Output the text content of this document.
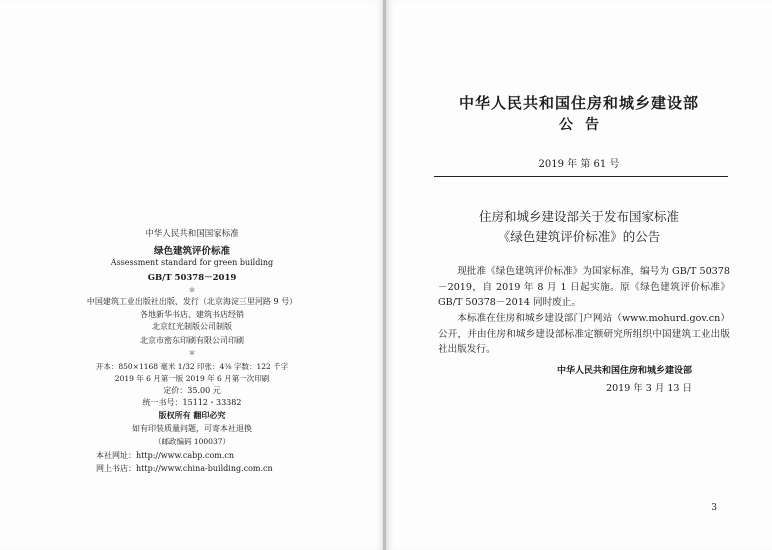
中华人民共和国国家标准
绿色建筑评价标准
Assessment standard for green building
GB/T 50378－2019
＊
中国建筑工业出版社出版、发行（北京海淀三里河路 9 号）
各地新华书店、建筑书店经销
北京红光制版公司制版
北京市密东印刷有限公司印刷
＊
开本：850×1168 毫米 1/32 印张：4⅜ 字数：122 千字
2019 年 6 月第一版 2019 年 6 月第一次印刷
定价：35.00 元
统一书号：15112・33382
版权所有 翻印必究
如有印装质量问题，可寄本社退换
（邮政编码 100037）
本社网址：http://www.cabp.com.cn
网上书店：http://www.china-building.com.cn
中华人民共和国住房和城乡建设部
公告
2019 年 第 61 号
住房和城乡建设部关于发布国家标准
《绿色建筑评价标准》的公告
现批准《绿色建筑评价标准》为国家标准，编号为 GB/T 50378－2019，自 2019 年 8 月 1 日起实施。原《绿色建筑评价标准》GB/T 50378－2014 同时废止。
本标准在住房和城乡建设部门户网站（www.mohurd.gov.cn）公开，并由住房和城乡建设部标准定额研究所组织中国建筑工业出版社出版发行。
中华人民共和国住房和城乡建设部
2019 年 3 月 13 日
3
